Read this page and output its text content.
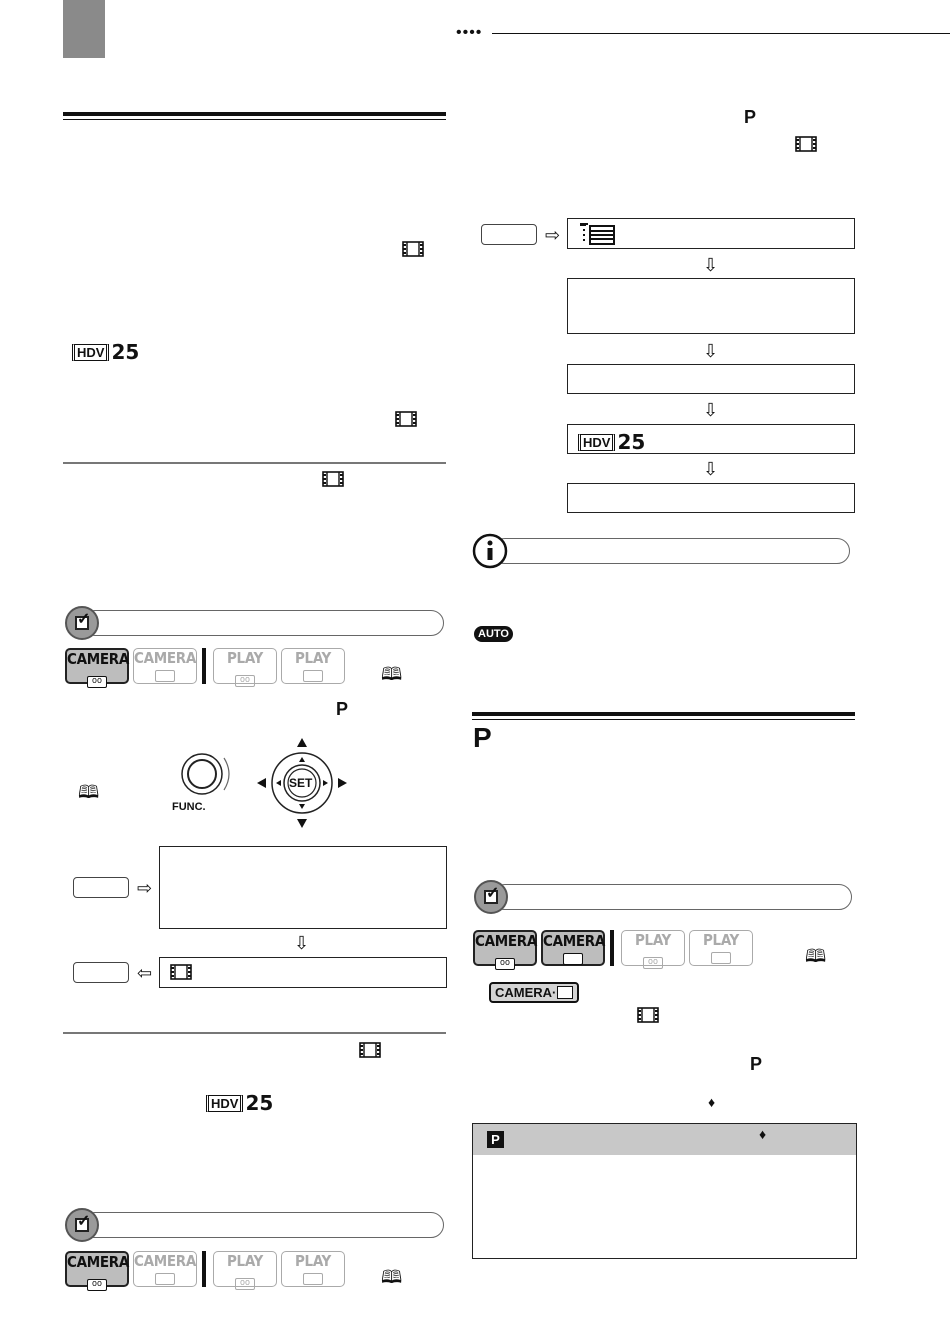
••••
HDV 25
✓
CAMERA
oo
CAMERA	PLAY
oo
PLAY
🕮
P
🕮
FUNC.
SET
⇨
⇩
⇦
HDV 25
✓
CAMERA
oo
CAMERA	PLAY
oo
PLAY
🕮
P
⇨
⇩
⇩
⇩
HDV 25
⇩
AUTO
P
✓
CAMERA
oo
CAMERA	PLAY
oo
PLAY
🕮
CAMERA·
P
♦
P	♦
